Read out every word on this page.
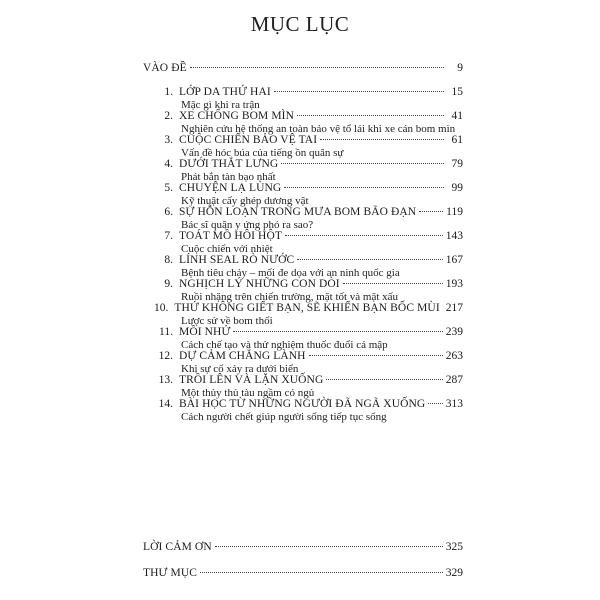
MỤC LỤC
VÀO ĐỀ	9
1. LỚP DA THỨ HAI	15
Mặc gì khi ra trận
2. XE CHỐNG BOM MÌN	41
Nghiên cứu hệ thống an toàn bảo vệ tổ lái khi xe cán bom mìn
3. CUỘC CHIẾN BẢO VỆ TAI	61
Vấn đề hóc búa của tiếng ồn quân sự
4. DƯỚI THẮT LƯNG	79
Phát bắn tàn bạo nhất
5. CHUYỆN LẠ LÙNG	99
Kỹ thuật cấy ghép dương vật
6. SỰ HỖN LOẠN TRONG MƯA BOM BÃO ĐẠN	119
Bác sĩ quân y ứng phó ra sao?
7. TOÁT MỒ HÔI HỘT	143
Cuộc chiến với nhiệt
8. LÍNH SEAL RÒ NƯỚC	167
Bệnh tiêu chảy – mối đe dọa với an ninh quốc gia
9. NGHỊCH LÝ NHỮNG CON DÒI	193
Ruồi nhặng trên chiến trường, mặt tốt và mặt xấu
10. THỨ KHÔNG GIẾT BẠN, SẼ KHIẾN BẠN BỐC MÙI 217
Lược sử về bom thối
11. MỒI NHỬ	239
Cách chế tạo và thử nghiệm thuốc đuổi cá mập
12. DỰ CẢM CHẲNG LÀNH	263
Khi sự cố xảy ra dưới biển
13. TRỒI LÊN VÀ LẶN XUỐNG	287
Một thủy thủ tàu ngầm có ngủ
14. BÀI HỌC TỪ NHỮNG NGƯỜI ĐÃ NGÃ XUỐNG 313
Cách người chết giúp người sống tiếp tục sống
LỜI CẢM ƠN	325
THƯ MỤC	329
